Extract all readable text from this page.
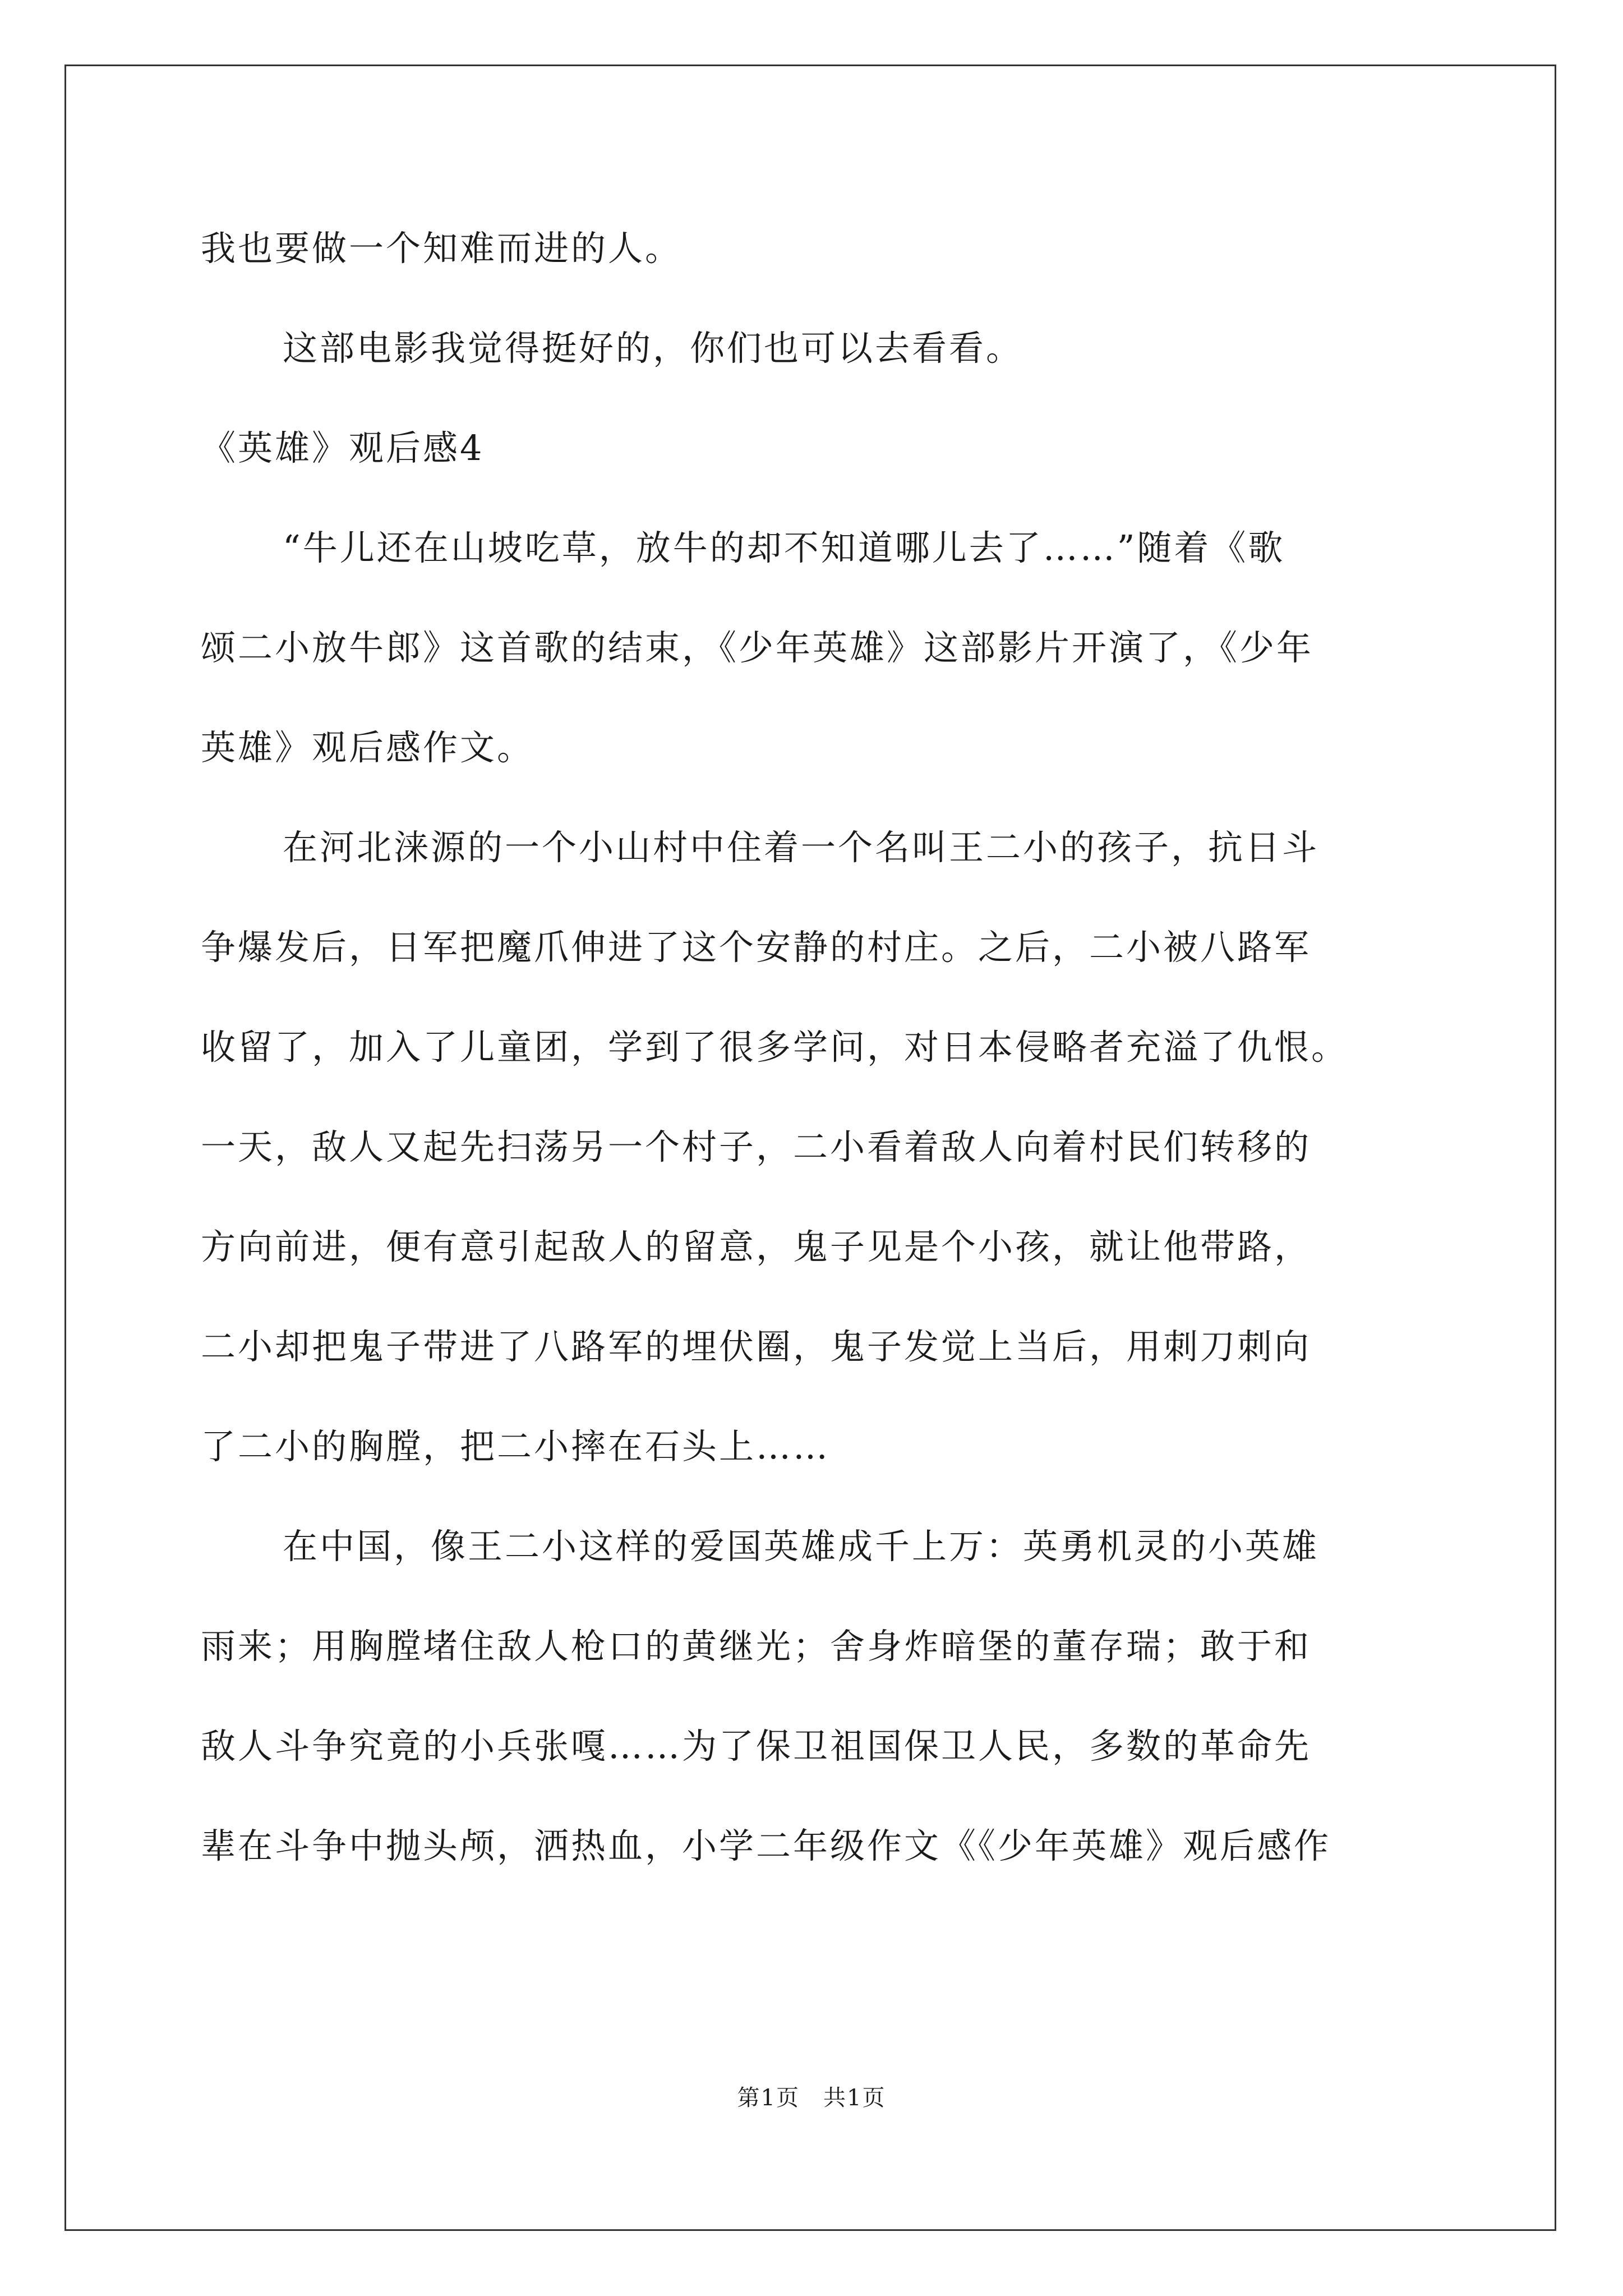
我也要做一个知难而进的人。
这部电影我觉得挺好的，你们也可以去看看。
《英雄》观后感4
“牛儿还在山坡吃草，放牛的却不知道哪儿去了……”随着《歌
颂二小放牛郎》这首歌的结束，《少年英雄》这部影片开演了，《少年
英雄》观后感作文。
在河北涞源的一个小山村中住着一个名叫王二小的孩子，抗日斗
争爆发后，日军把魔爪伸进了这个安静的村庄。之后，二小被八路军
收留了，加入了儿童团，学到了很多学问，对日本侵略者充溢了仇恨。
一天，敌人又起先扫荡另一个村子，二小看着敌人向着村民们转移的
方向前进，便有意引起敌人的留意，鬼子见是个小孩，就让他带路，
二小却把鬼子带进了八路军的埋伏圈，鬼子发觉上当后，用刺刀刺向
了二小的胸膛，把二小摔在石头上……
在中国，像王二小这样的爱国英雄成千上万：英勇机灵的小英雄
雨来；用胸膛堵住敌人枪口的黄继光；舍身炸暗堡的董存瑞；敢于和
敌人斗争究竟的小兵张嘎……为了保卫祖国保卫人民，多数的革命先
辈在斗争中抛头颅，洒热血，小学二年级作文《《少年英雄》观后感作
第1页　共1页
